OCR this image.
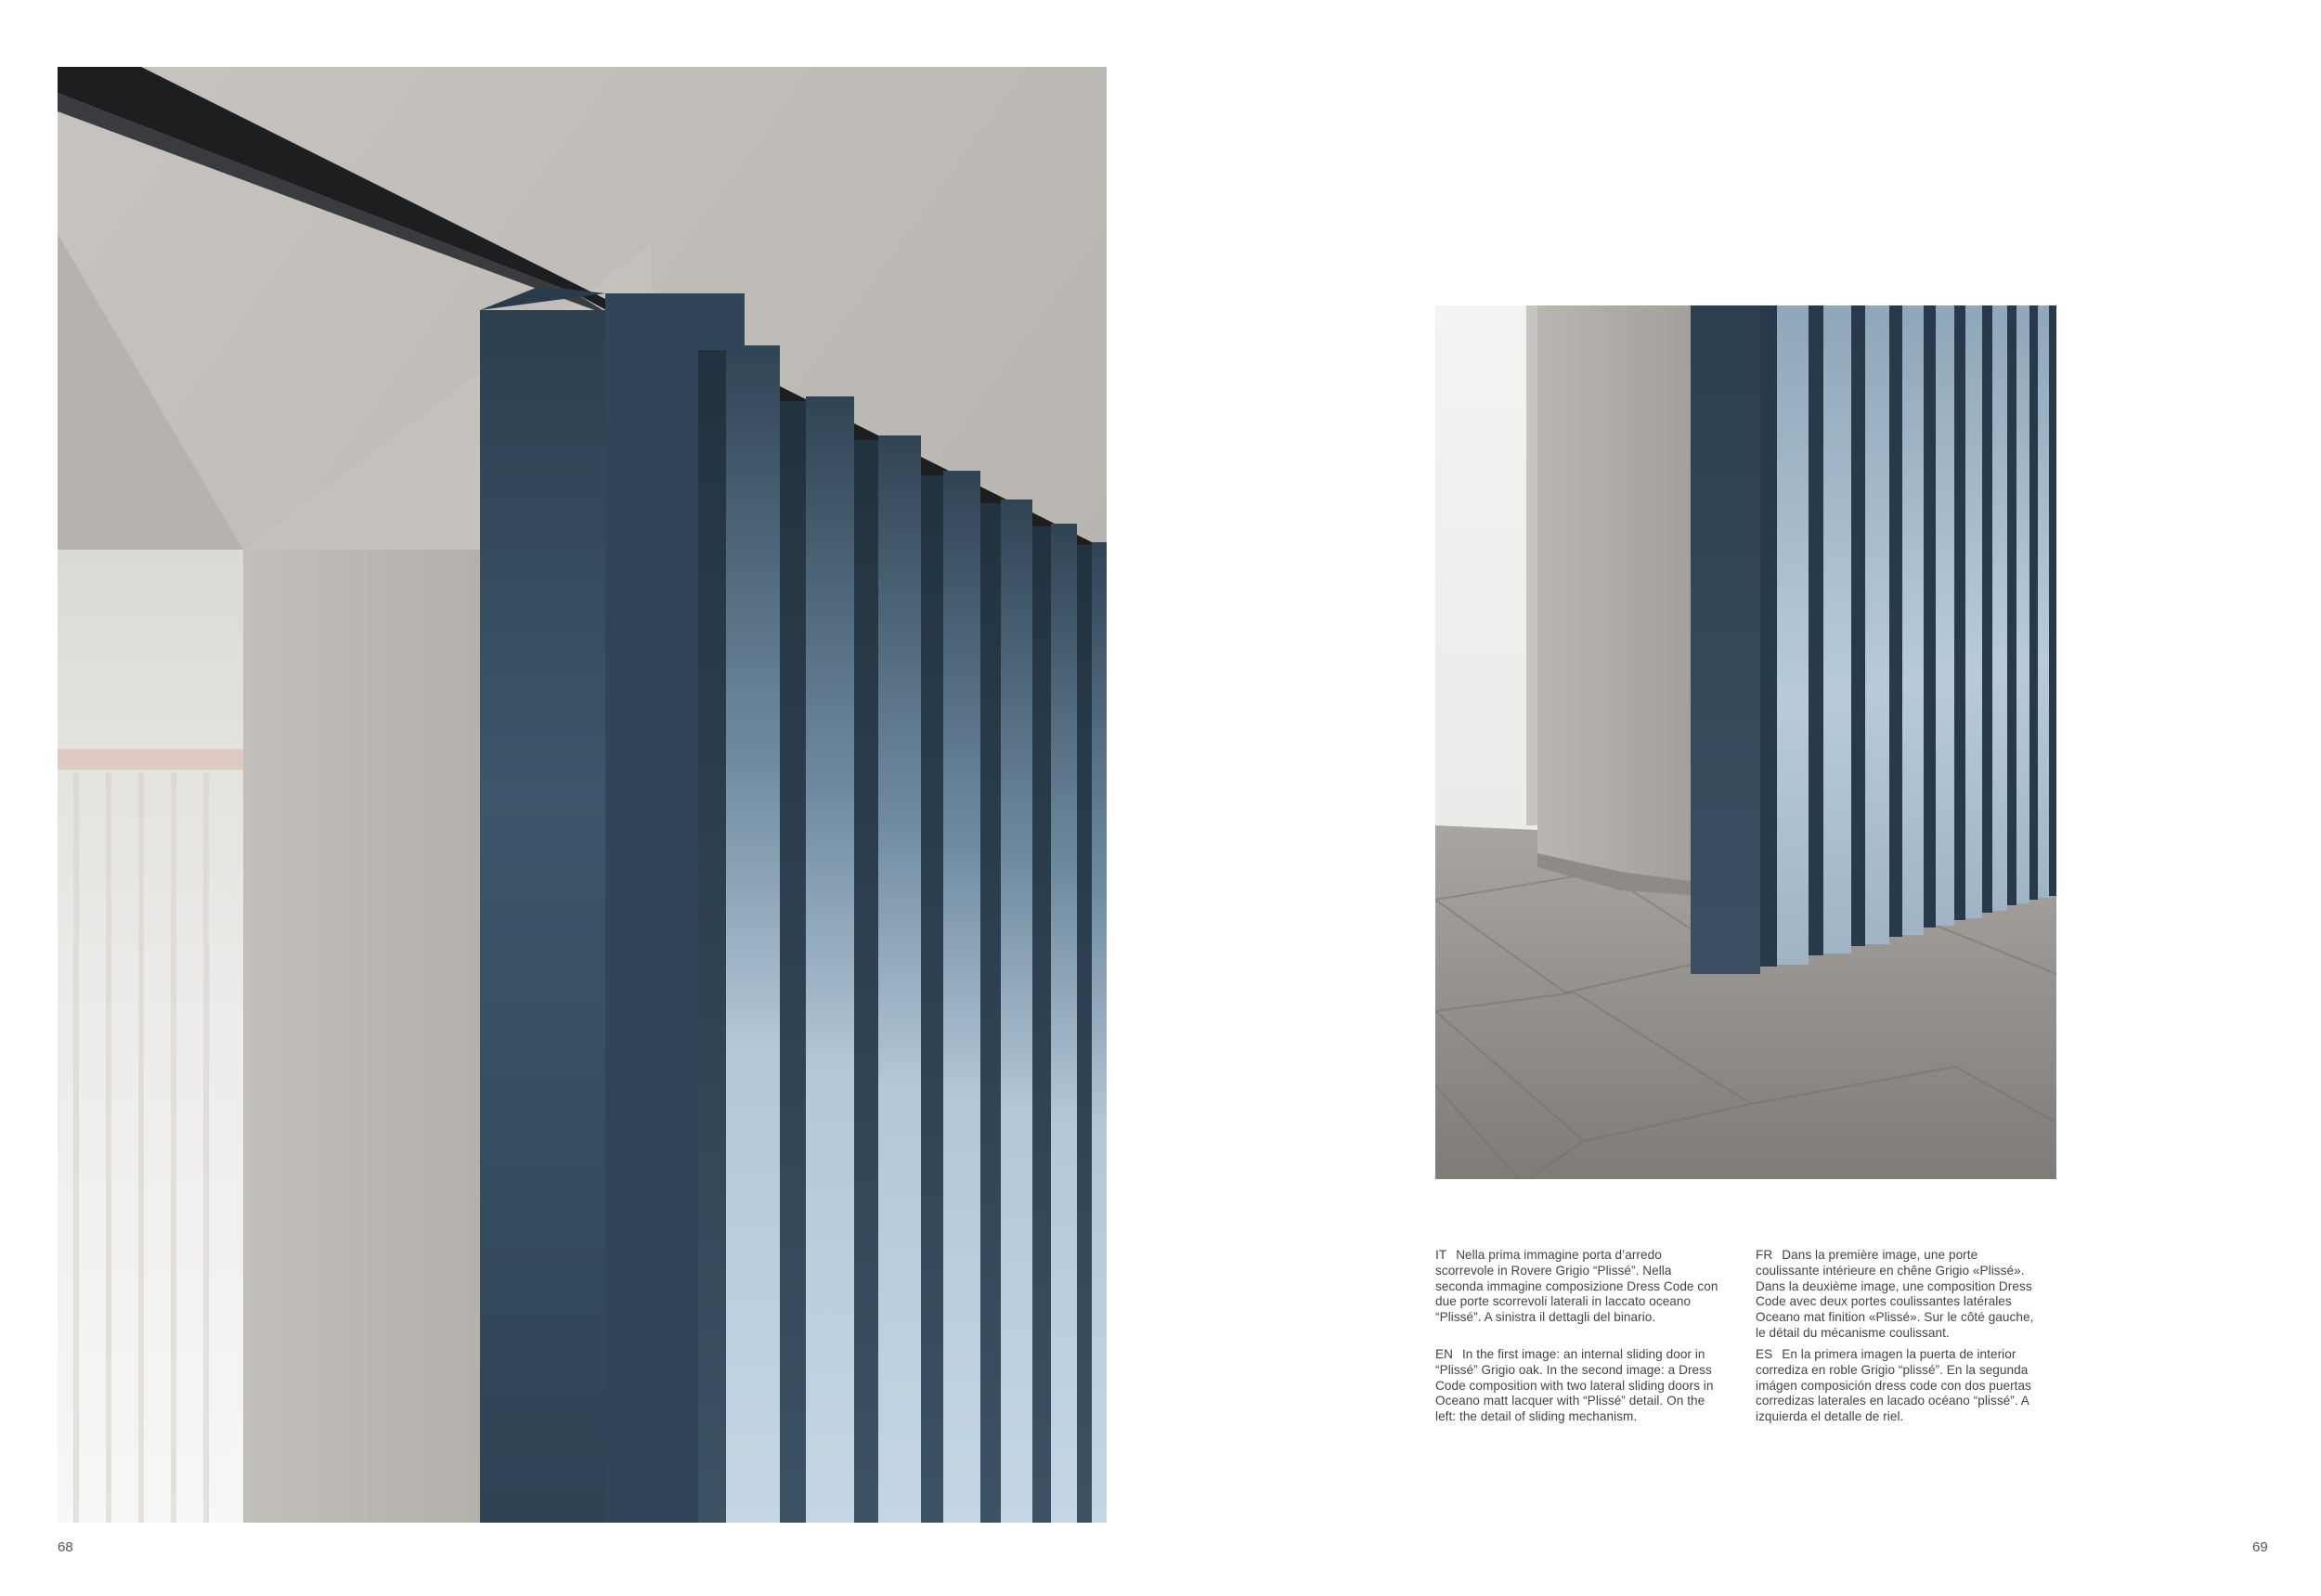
IT Nella prima immagine porta d’arredo scorrevole in Rovere Grigio “Plissé”. Nella seconda immagine composizione Dress Code con due porte scorrevoli laterali in laccato oceano “Plissé”. A sinistra il dettagli del binario.
EN In the first image: an internal sliding door in “Plissé” Grigio oak. In the second image: a Dress Code composition with two lateral sliding doors in Oceano matt lacquer with “Plissé” detail. On the left: the detail of sliding mechanism.
FR Dans la première image, une porte coulissante intérieure en chêne Grigio «Plissé». Dans la deuxième image, une composition Dress Code avec deux portes coulissantes latérales Oceano mat finition «Plissé». Sur le côté gauche, le détail du mécanisme coulissant.
ES En la primera imagen la puerta de interior corrediza en roble Grigio “plissé”. En la segunda imágen composición dress code con dos puertas corredizas laterales en lacado océano “plissé”. A izquierda el detalle de riel.
68	69
